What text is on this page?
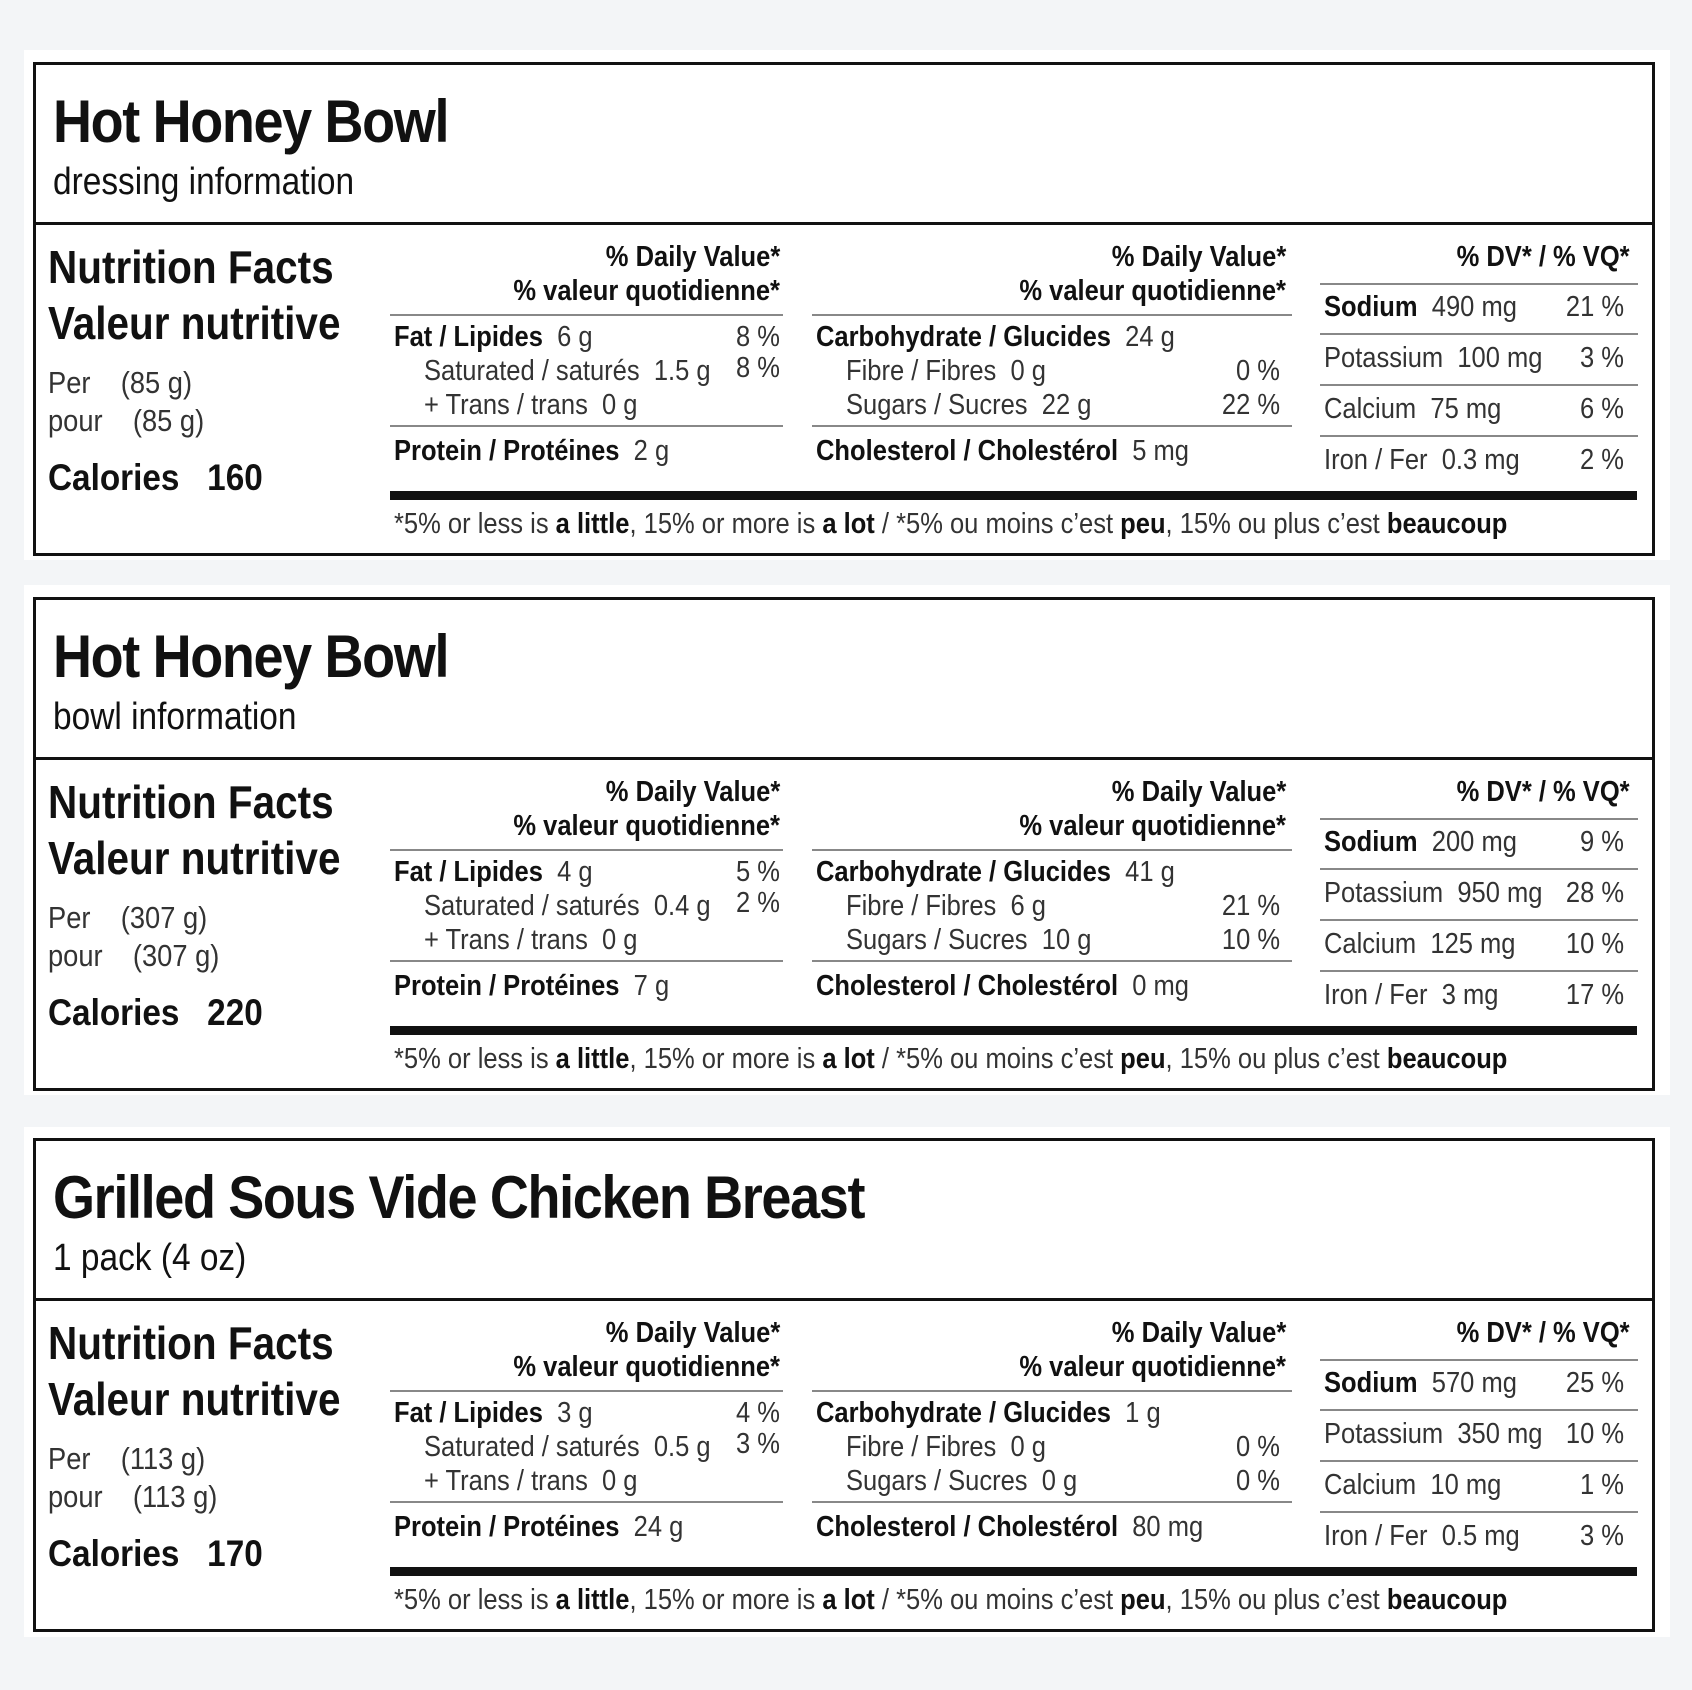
Hot Honey Bowl
dressing information
Nutrition Facts
Valeur nutritive
Per (85 g)
pour (85 g)
Calories 160
% Daily Value*
% valeur quotidienne*
Fat / Lipides 6 g	8 %
Saturated / saturés 1.5 g 8 %
+ Trans / trans 0 g
Protein / Protéines 2 g
% Daily Value*
% valeur quotidienne*
Carbohydrate / Glucides 24 g
Fibre / Fibres 0 g	0 %
Sugars / Sucres 22 g	22 %
Cholesterol / Cholestérol 5 mg
% DV* / % VQ*
Sodium 490 mg 21 %
Potassium 100 mg 3 %
Calcium 75 mg	6 %
Iron / Fer 0.3 mg 2 %
*5% or less is a little, 15% or more is a lot / *5% ou moins c’est peu, 15% ou plus c’est beaucoup
Hot Honey Bowl
bowl information
Nutrition Facts
Valeur nutritive
Per (307 g)
pour (307 g)
Calories 220
% Daily Value*
% valeur quotidienne*
Fat / Lipides 4 g	5 %
Saturated / saturés 0.4 g 2 %
+ Trans / trans 0 g
Protein / Protéines 7 g
% Daily Value*
% valeur quotidienne*
Carbohydrate / Glucides 41 g
Fibre / Fibres 6 g	21 %
Sugars / Sucres 10 g	10 %
Cholesterol / Cholestérol 0 mg
% DV* / % VQ*
Sodium 200 mg 9 %
Potassium 950 mg 28 %
Calcium 125 mg 10 %
Iron / Fer 3 mg 17 %
*5% or less is a little, 15% or more is a lot / *5% ou moins c’est peu, 15% ou plus c’est beaucoup
Grilled Sous Vide Chicken Breast
1 pack (4 oz)
Nutrition Facts
Valeur nutritive
Per (113 g)
pour (113 g)
Calories 170
% Daily Value*
% valeur quotidienne*
Fat / Lipides 3 g	4 %
Saturated / saturés 0.5 g 3 %
+ Trans / trans 0 g
Protein / Protéines 24 g
% Daily Value*
% valeur quotidienne*
Carbohydrate / Glucides 1 g
Fibre / Fibres 0 g	0 %
Sugars / Sucres 0 g	0 %
Cholesterol / Cholestérol 80 mg
% DV* / % VQ*
Sodium 570 mg 25 %
Potassium 350 mg 10 %
Calcium 10 mg	1 %
Iron / Fer 0.5 mg 3 %
*5% or less is a little, 15% or more is a lot / *5% ou moins c’est peu, 15% ou plus c’est beaucoup
